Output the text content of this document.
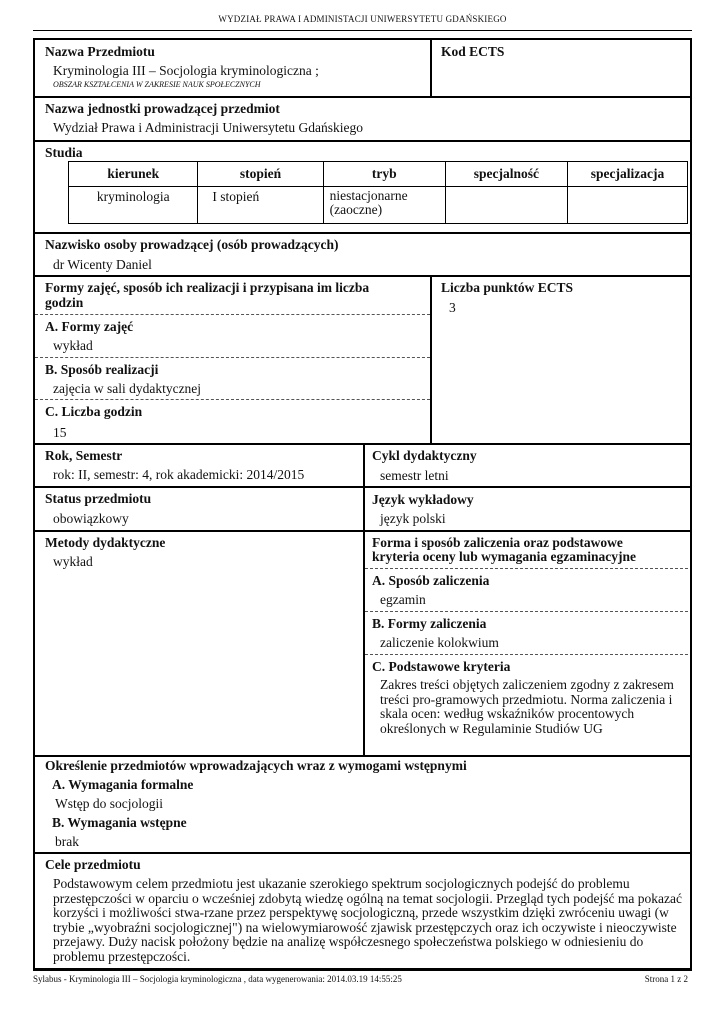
WYDZIAŁ PRAWA I ADMINISTACJI UNIWERSYTETU GDAŃSKIEGO
Nazwa Przedmiotu
Kryminologia III – Socjologia kryminologiczna ;
OBSZAR KSZTAŁCENIA W ZAKRESIE NAUK SPOŁECZNYCH
Kod ECTS
Nazwa jednostki prowadzącej przedmiot
Wydział Prawa i Administracji Uniwersytetu Gdańskiego
Studia
kierunek	stopień	tryb	specjalność	specjalizacja
kryminologia	I stopień	niestacjonarne (zaoczne)		
Nazwisko osoby prowadzącej (osób prowadzących)
dr Wicenty Daniel
Formy zajęć, sposób ich realizacji i przypisana im liczba
godzin
A. Formy zajęć
wykład
B. Sposób realizacji
zajęcia w sali dydaktycznej
C. Liczba godzin
15
Liczba punktów ECTS
3
Rok, Semestr
rok: II, semestr: 4, rok akademicki: 2014/2015
Cykl dydaktyczny
semestr letni
Status przedmiotu
obowiązkowy
Język wykładowy
język polski
Metody dydaktyczne
wykład
Forma i sposób zaliczenia oraz podstawowe
kryteria oceny lub wymagania egzaminacyjne
A. Sposób zaliczenia
egzamin
B. Formy zaliczenia
zaliczenie kolokwium
C. Podstawowe kryteria
Zakres treści objętych zaliczeniem zgodny z zakresem treści pro-gramowych przedmiotu. Norma zaliczenia i skala ocen: według wskaźników procentowych określonych w Regulaminie Studiów UG
Określenie przedmiotów wprowadzających wraz z wymogami wstępnymi
A. Wymagania formalne
Wstęp do socjologii
B. Wymagania wstępne
brak
Cele przedmiotu
Podstawowym celem przedmiotu jest ukazanie szerokiego spektrum socjologicznych podejść do problemu przestępczości w oparciu o wcześniej zdobytą wiedzę ogólną na temat socjologii. Przegląd tych podejść ma pokazać korzyści i możliwości stwa-rzane przez perspektywę socjologiczną, przede wszystkim dzięki zwróceniu uwagi (w trybie „wyobraźni socjologicznej") na wielowymiarowość zjawisk przestępczych oraz ich oczywiste i nieoczywiste przejawy. Duży nacisk położony będzie na analizę współczesnego społeczeństwa polskiego w odniesieniu do problemu przestępczości.
Sylabus - Kryminologia III – Socjologia kryminologiczna , data wygenerowania: 2014.03.19 14:55:25	Strona 1 z 2
